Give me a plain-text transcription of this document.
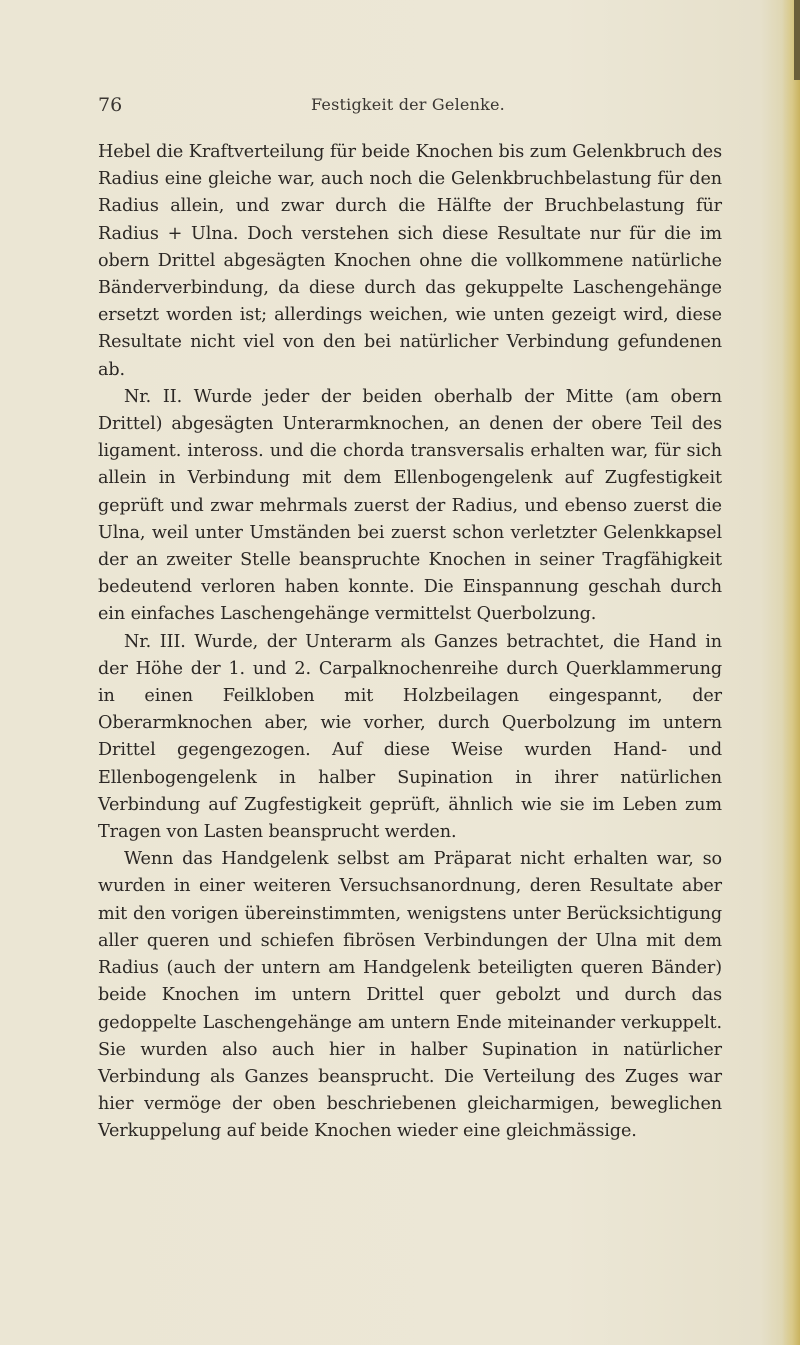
76	Festigkeit der Gelenke.

Hebel die Kraftverteilung für beide Knochen bis zum Gelenkbruch des Radius eine gleiche war, auch noch die Gelenkbruchbelastung für den Radius allein, und zwar durch die Hälfte der Bruchbelastung für Radius + Ulna. Doch verstehen sich diese Resultate nur für die im obern Drittel abgesägten Knochen ohne die vollkommene natürliche Bänderverbindung, da diese durch das gekuppelte Laschengehänge ersetzt worden ist; allerdings weichen, wie unten gezeigt wird, diese Resultate nicht viel von den bei natürlicher Verbindung gefundenen ab.

Nr. II. Wurde jeder der beiden oberhalb der Mitte (am obern Drittel) abgesägten Unterarmknochen, an denen der obere Teil des ligament. inteross. und die chorda transversalis erhalten war, für sich allein in Verbindung mit dem Ellenbogengelenk auf Zugfestigkeit geprüft und zwar mehrmals zuerst der Radius, und ebenso zuerst die Ulna, weil unter Umständen bei zuerst schon verletzter Gelenkkapsel der an zweiter Stelle beanspruchte Knochen in seiner Tragfähigkeit bedeutend verloren haben konnte. Die Einspannung geschah durch ein einfaches Laschengehänge vermittelst Querbolzung.

Nr. III. Wurde, der Unterarm als Ganzes betrachtet, die Hand in der Höhe der 1. und 2. Carpalknochenreihe durch Querklammerung in einen Feilkloben mit Holzbeilagen eingespannt, der Oberarmknochen aber, wie vorher, durch Querbolzung im untern Drittel gegengezogen. Auf diese Weise wurden Hand- und Ellenbogengelenk in halber Supination in ihrer natürlichen Verbindung auf Zugfestigkeit geprüft, ähnlich wie sie im Leben zum Tragen von Lasten beansprucht werden.

Wenn das Handgelenk selbst am Präparat nicht erhalten war, so wurden in einer weiteren Versuchsanordnung, deren Resultate aber mit den vorigen übereinstimmten, wenigstens unter Berücksichtigung aller queren und schiefen fibrösen Verbindungen der Ulna mit dem Radius (auch der untern am Handgelenk beteiligten queren Bänder) beide Knochen im untern Drittel quer gebolzt und durch das gedoppelte Laschengehänge am untern Ende miteinander verkuppelt. Sie wurden also auch hier in halber Supination in natürlicher Verbindung als Ganzes beansprucht. Die Verteilung des Zuges war hier vermöge der oben beschriebenen gleicharmigen, beweglichen Verkuppelung auf beide Knochen wieder eine gleichmässige.
